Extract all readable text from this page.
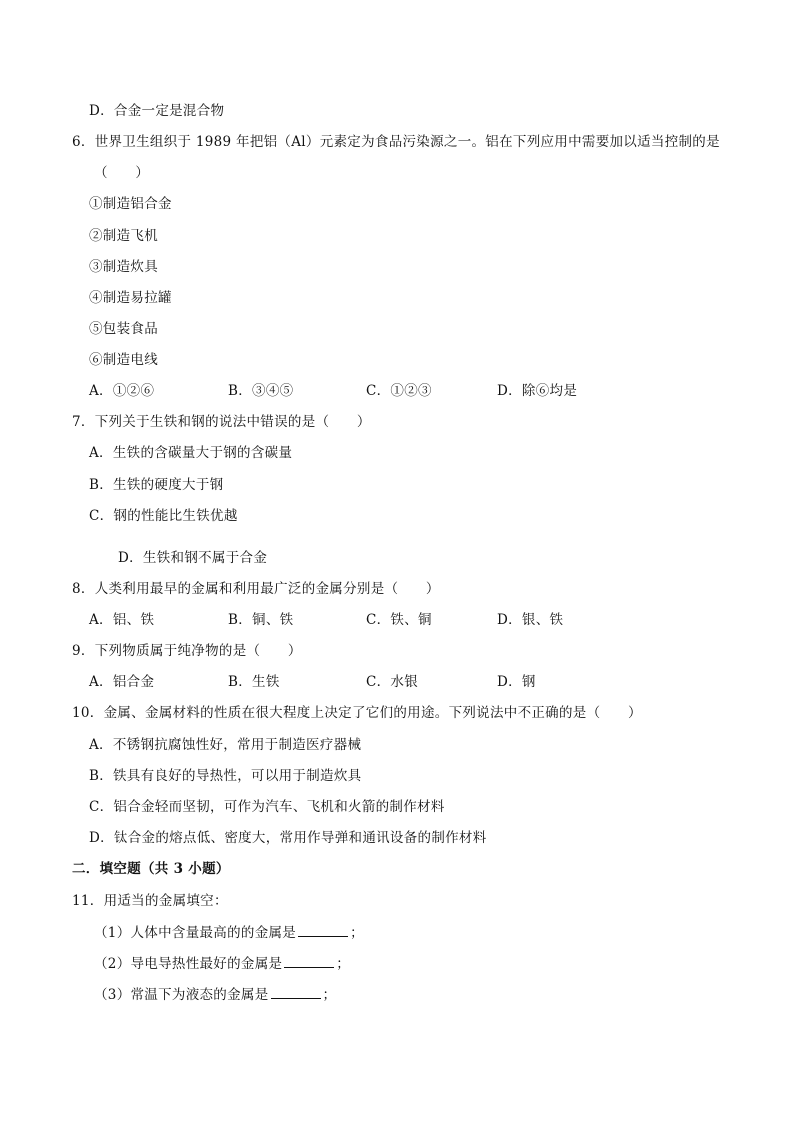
D．合金一定是混合物
6．世界卫生组织于 1989 年把铝（Al）元素定为食品污染源之一。铝在下列应用中需要加以适当控制的是
（　　）
①制造铝合金
②制造飞机
③制造炊具
④制造易拉罐
⑤包装食品
⑥制造电线
A．①②⑥	B．③④⑤	C．①②③	D．除⑥均是
7．下列关于生铁和钢的说法中错误的是（　　）
A．生铁的含碳量大于钢的含碳量
B．生铁的硬度大于钢
C．钢的性能比生铁优越
D．生铁和钢不属于合金
8．人类利用最早的金属和利用最广泛的金属分别是（　　）
A．铝、铁	B．铜、铁	C．铁、铜	D．银、铁
9．下列物质属于纯净物的是（　　）
A．铝合金	B．生铁	C．水银	D．钢
10．金属、金属材料的性质在很大程度上决定了它们的用途。下列说法中不正确的是（　　）
A．不锈钢抗腐蚀性好，常用于制造医疗器械
B．铁具有良好的导热性，可以用于制造炊具
C．铝合金轻而坚韧，可作为汽车、飞机和火箭的制作材料
D．钛合金的熔点低、密度大，常用作导弹和通讯设备的制作材料
二．填空题（共 3 小题）
11．用适当的金属填空：
（1）人体中含量最高的的金属是	；
（2）导电导热性最好的金属是	；
（3）常温下为液态的金属是	；
